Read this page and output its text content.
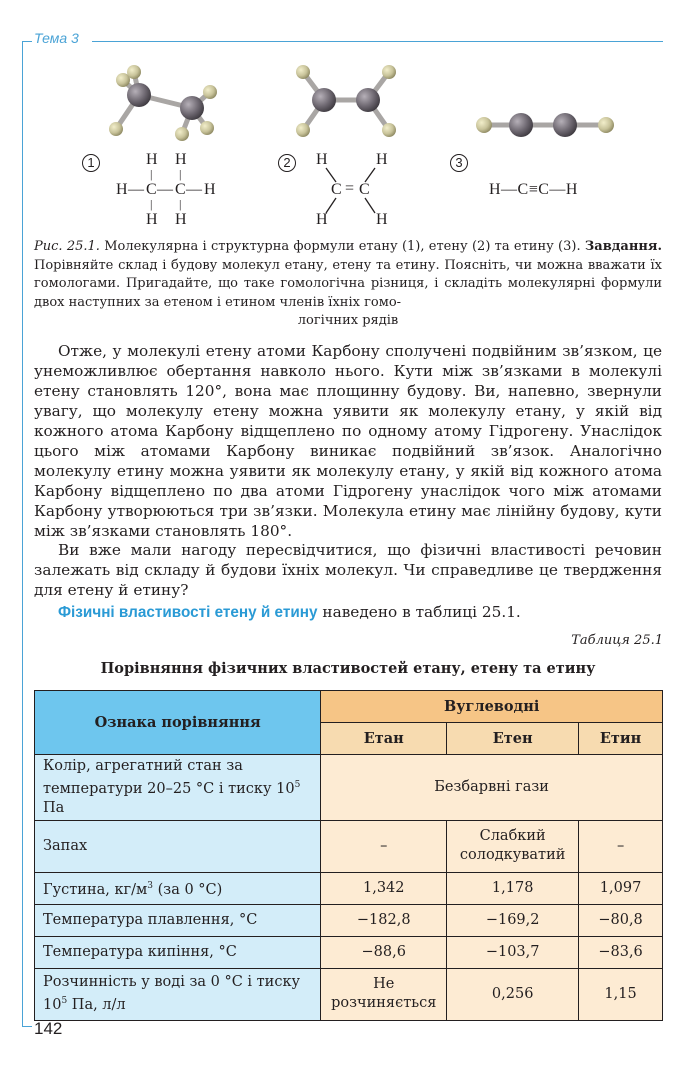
Тема 3
1	H H
| |
H — C — C — H
| |
H H
2	H	H
C = C
H	H
3
H—C≡C—H
Рис. 25.1. Молекулярна і структурна формули етану (1), етену (2) та етину (3). Завдання. Порівняйте склад і будову молекул етану, етену та етину. Поясніть, чи можна вважати їх гомологами. Пригадайте, що таке гомологічна різниця, і складіть молекулярні формули двох наступних за етеном і етином членів їхніх гомо-
логічних рядів

Отже, у молекулі етену атоми Карбону сполучені подвійним зв’язком, це унеможливлює обертання навколо нього. Кути між зв’язками в молекулі етену становлять 120°, вона має площинну будову. Ви, напевно, звернули увагу, що молекулу етену можна уявити як молекулу етану, у якій від кожного атома Карбону відщеплено по одному атому Гідрогену. Унаслідок цього між атомами Карбону виникає подвійний зв’язок. Аналогічно молекулу етину можна уявити як молекулу етану, у якій від кожного атома Карбону відщеплено по два атоми Гідрогену унаслідок чого між атомами Карбону утворюються три зв’язки. Молекула етину має лінійну будову, кути між зв’язками становлять 180°.

Ви вже мали нагоду пересвідчитися, що фізичні властивості речовин залежать від складу й будови їхніх молекул. Чи справедливе це твердження для етену й етину?

Фізичні властивості етену й етину наведено в таблиці 25.1.

Таблиця 25.1
Порівняння фізичних властивостей етану, етену та етину
Ознака порівняння	Вуглеводні		
	Етан	Етен	Етин
Колір, агрегатний стан за температури 20–25 °С і тиску $10^5$ Па	Безбарвні гази		
Запах	–	Слабкий солодкуватий	–
Густина, $кг/м^3$ (за 0 °С)	1,342	1,178	1,097
Температура плавлення, °С	−182,8	−169,2	−80,8
Температура кипіння, °С	−88,6	−103,7	−83,6
Розчинність у воді за 0 °С і тиску $10^5$ Па, л/л	Не розчиняється	0,256	1,15
142
